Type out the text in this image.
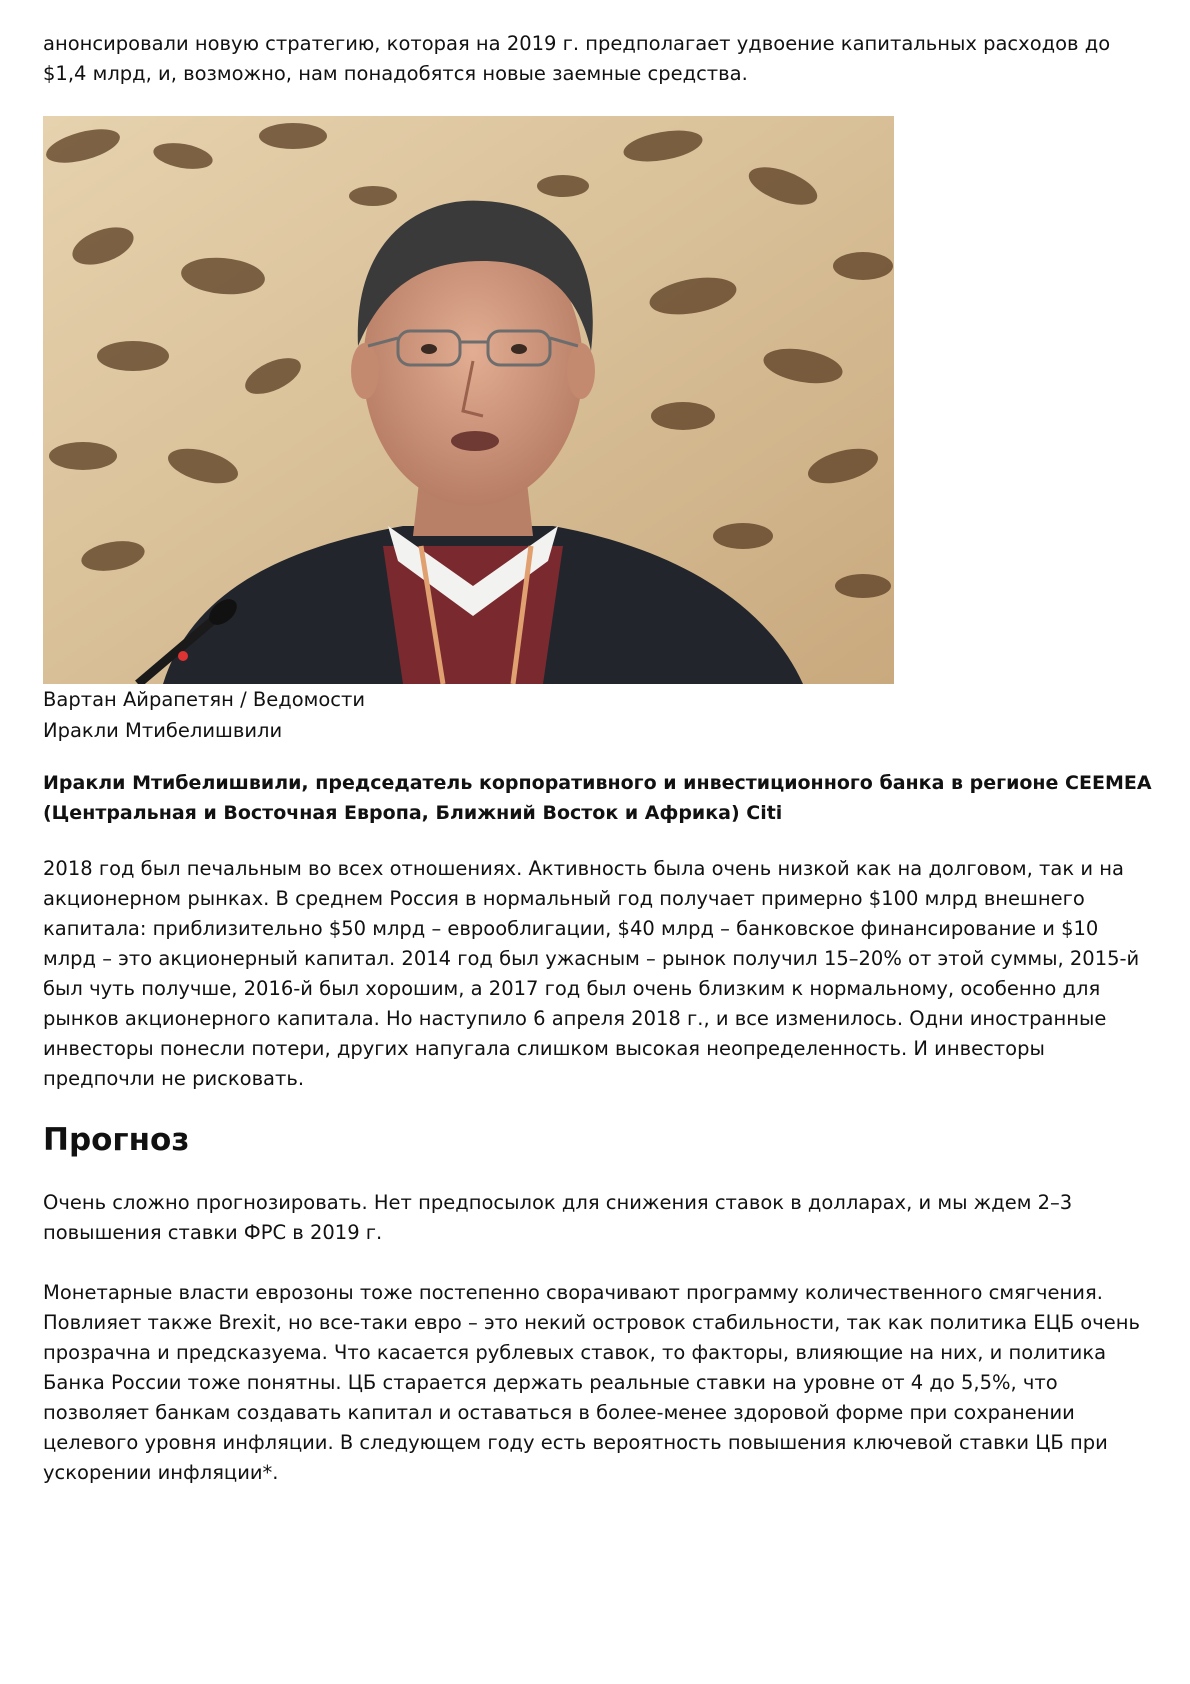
анонсировали новую стратегию, которая на 2019 г. предполагает удвоение капитальных расходов до $1,4 млрд, и, возможно, нам понадобятся новые заемные средства.

Вартан Айрапетян / Ведомости

Иракли Мтибелишвили

Иракли Мтибелишвили, председатель корпоративного и инвестиционного банка в регионе CEEMEA (Центральная и Восточная Европа, Ближний Восток и Африка) Citi

2018 год был печальным во всех отношениях. Активность была очень низкой как на долговом, так и на акционерном рынках. В среднем Россия в нормальный год получает примерно $100 млрд внешнего капитала: приблизительно $50 млрд – еврооблигации, $40 млрд – банковское финансирование и $10 млрд – это акционерный капитал. 2014 год был ужасным – рынок получил 15–20% от этой суммы, 2015-й был чуть получше, 2016-й был хорошим, а 2017 год был очень близким к нормальному, особенно для рынков акционерного капитала. Но наступило 6 апреля 2018 г., и все изменилось. Одни иностранные инвесторы понесли потери, других напугала слишком высокая неопределенность. И инвесторы предпочли не рисковать.

Прогноз

Очень сложно прогнозировать. Нет предпосылок для снижения ставок в долларах, и мы ждем 2–3 повышения ставки ФРС в 2019 г.

Монетарные власти еврозоны тоже постепенно сворачивают программу количественного смягчения. Повлияет также Brexit, но все-таки евро – это некий островок стабильности, так как политика ЕЦБ очень прозрачна и предсказуема. Что касается рублевых ставок, то факторы, влияющие на них, и политика Банка России тоже понятны. ЦБ старается держать реальные ставки на уровне от 4 до 5,5%, что позволяет банкам создавать капитал и оставаться в более-менее здоровой форме при сохранении целевого уровня инфляции. В следующем году есть вероятность повышения ключевой ставки ЦБ при ускорении инфляции*.
